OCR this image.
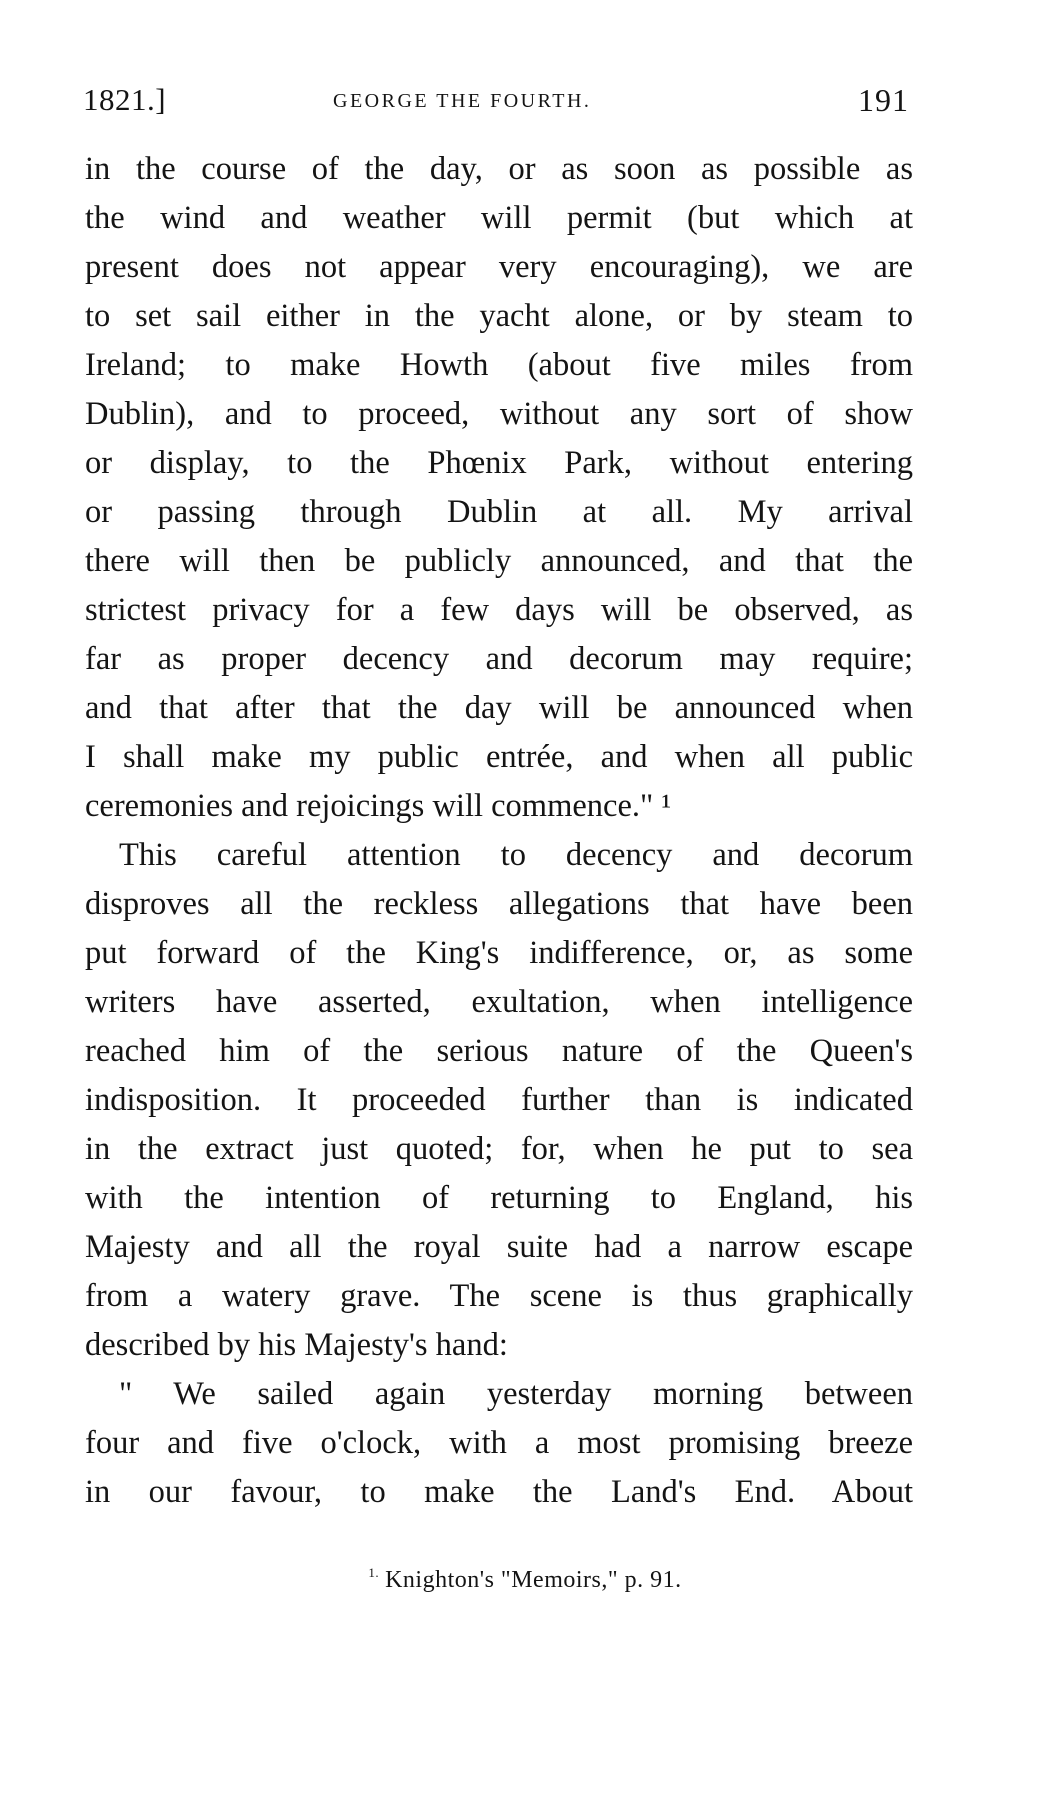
1821.]	GEORGE THE FOURTH.	191
in the course of the day, or as soon as possible as
the wind and weather will permit (but which at
present does not appear very encouraging), we are
to set sail either in the yacht alone, or by steam to
Ireland; to make Howth (about five miles from
Dublin), and to proceed, without any sort of show
or display, to the Phœnix Park, without entering
or passing through Dublin at all. My arrival
there will then be publicly announced, and that the
strictest privacy for a few days will be observed, as
far as proper decency and decorum may require;
and that after that the day will be announced when
I shall make my public entrée, and when all public
ceremonies and rejoicings will commence." ¹
This careful attention to decency and decorum
disproves all the reckless allegations that have been
put forward of the King's indifference, or, as some
writers have asserted, exultation, when intelligence
reached him of the serious nature of the Queen's
indisposition. It proceeded further than is indicated
in the extract just quoted; for, when he put to sea
with the intention of returning to England, his
Majesty and all the royal suite had a narrow escape
from a watery grave. The scene is thus graphically
described by his Majesty's hand:
" We sailed again yesterday morning between
four and five o'clock, with a most promising breeze
in our favour, to make the Land's End. About
$^{1.}$ Knighton's "Memoirs," p. 91.
